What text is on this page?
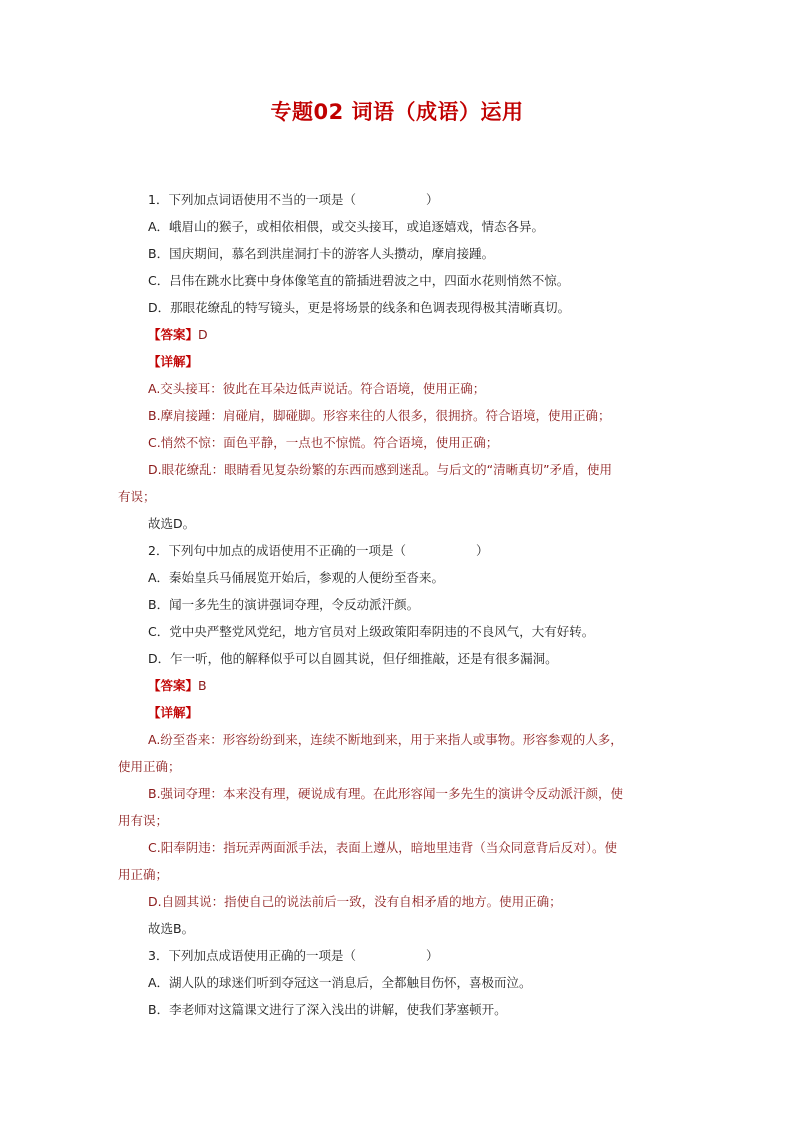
专题02 词语（成语）运用
1．下列加点词语使用不当的一项是（	）
A．峨眉山的猴子，或相依相偎，或交头接耳，或追逐嬉戏，情态各异。
B．国庆期间，慕名到洪崖洞打卡的游客人头攒动，摩肩接踵。
C．吕伟在跳水比赛中身体像笔直的箭插进碧波之中，四面水花则悄然不惊。
D．那眼花缭乱的特写镜头，更是将场景的线条和色调表现得极其清晰真切。
【答案】D
【详解】
A.交头接耳：彼此在耳朵边低声说话。符合语境，使用正确；
B.摩肩接踵：肩碰肩，脚碰脚。形容来往的人很多，很拥挤。符合语境，使用正确；
C.悄然不惊：面色平静，一点也不惊慌。符合语境，使用正确；
D.眼花缭乱：眼睛看见复杂纷繁的东西而感到迷乱。与后文的“清晰真切”矛盾，使用
有误；
故选D。
2．下列句中加点的成语使用不正确的一项是（	）
A．秦始皇兵马俑展览开始后，参观的人便纷至沓来。
B．闻一多先生的演讲强词夺理，令反动派汗颜。
C．党中央严整党风党纪，地方官员对上级政策阳奉阴违的不良风气，大有好转。
D．乍一听，他的解释似乎可以自圆其说，但仔细推敲，还是有很多漏洞。
【答案】B
【详解】
A.纷至沓来：形容纷纷到来，连续不断地到来，用于来指人或事物。形容参观的人多，
使用正确；
B.强词夺理：本来没有理，硬说成有理。在此形容闻一多先生的演讲令反动派汗颜，使
用有误；
C.阳奉阴违：指玩弄两面派手法，表面上遵从，暗地里违背（当众同意背后反对）。使
用正确；
D.自圆其说：指使自己的说法前后一致，没有自相矛盾的地方。使用正确；
故选B。
3．下列加点成语使用正确的一项是（	）
A．湖人队的球迷们听到夺冠这一消息后，全都触目伤怀，喜极而泣。
B．李老师对这篇课文进行了深入浅出的讲解，使我们茅塞顿开。
